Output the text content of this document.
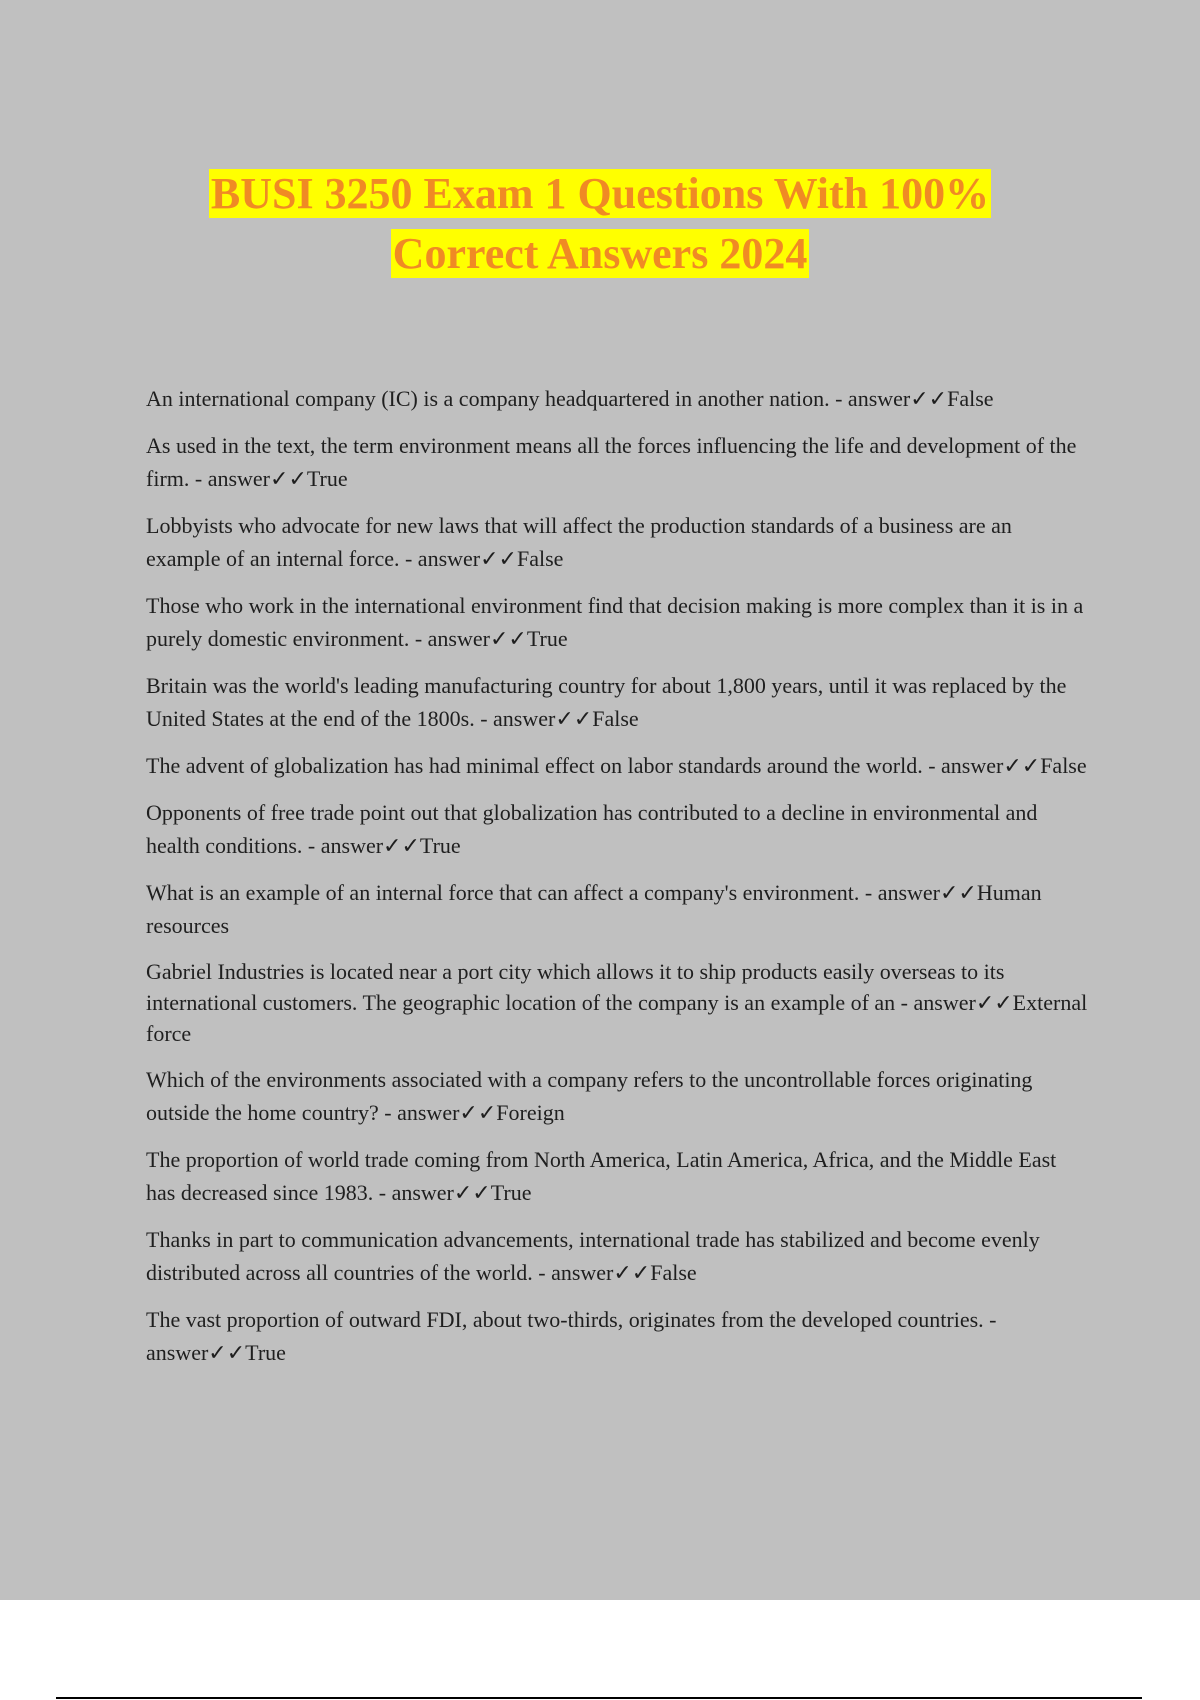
BUSI 3250 Exam 1 Questions With 100%
Correct Answers 2024
An international company (IC) is a company headquartered in another nation. - answer✓✓False
As used in the text, the term environment means all the forces influencing the life and development of the firm. - answer✓✓True
Lobbyists who advocate for new laws that will affect the production standards of a business are an example of an internal force. - answer✓✓False
Those who work in the international environment find that decision making is more complex than it is in a purely domestic environment. - answer✓✓True
Britain was the world's leading manufacturing country for about 1,800 years, until it was replaced by the United States at the end of the 1800s. - answer✓✓False
The advent of globalization has had minimal effect on labor standards around the world. - answer✓✓False
Opponents of free trade point out that globalization has contributed to a decline in environmental and health conditions. - answer✓✓True
What is an example of an internal force that can affect a company's environment. - answer✓✓Human resources
Gabriel Industries is located near a port city which allows it to ship products easily overseas to its international customers. The geographic location of the company is an example of an - answer✓✓External force
Which of the environments associated with a company refers to the uncontrollable forces originating outside the home country? - answer✓✓Foreign
The proportion of world trade coming from North America, Latin America, Africa, and the Middle East has decreased since 1983. - answer✓✓True
Thanks in part to communication advancements, international trade has stabilized and become evenly distributed across all countries of the world. - answer✓✓False
The vast proportion of outward FDI, about two-thirds, originates from the developed countries. - answer✓✓True
